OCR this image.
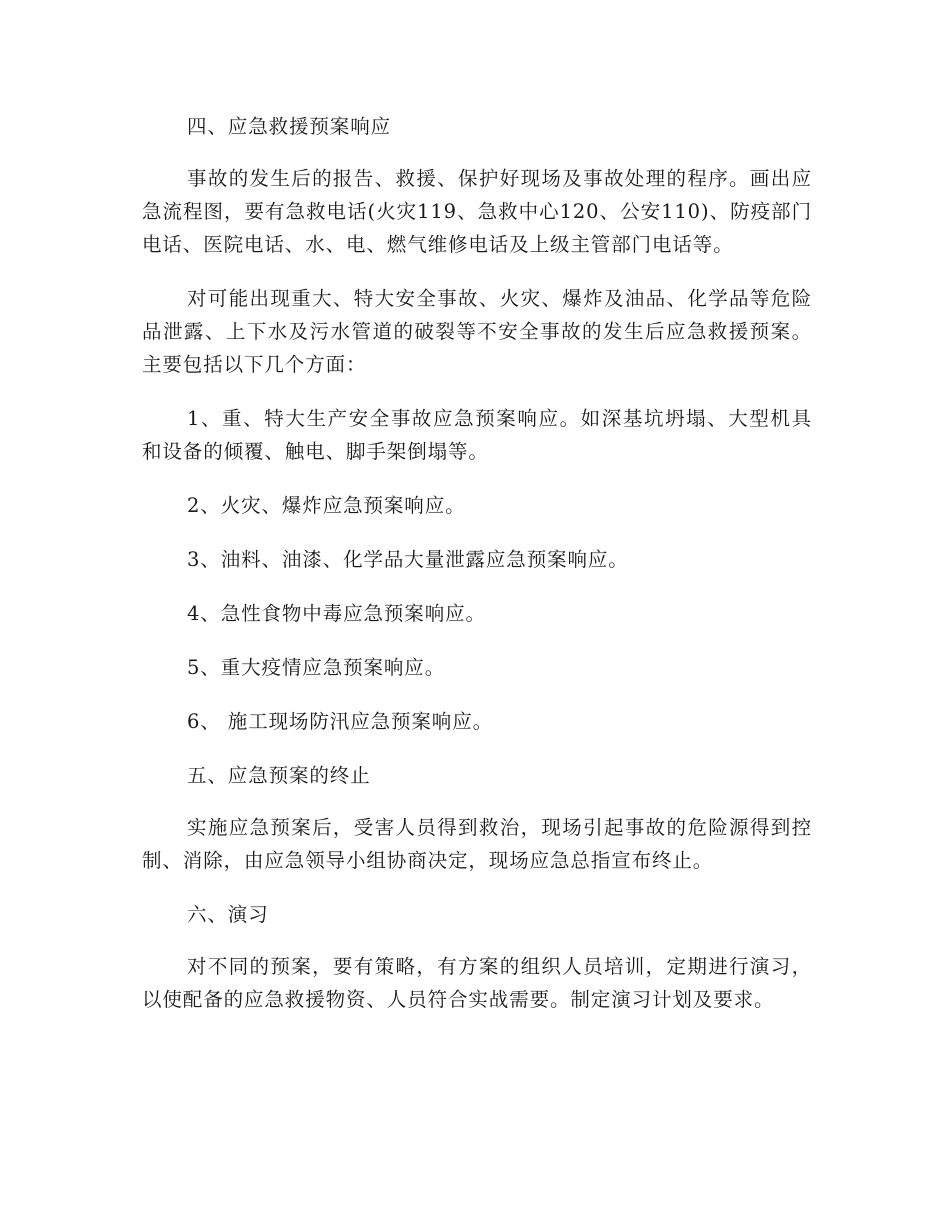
四、应急救援预案响应

事故的发生后的报告、救援、保护好现场及事故处理的程序。画出应急流程图，要有急救电话(火灾119、急救中心120、公安110)、防疫部门电话、医院电话、水、电、燃气维修电话及上级主管部门电话等。

对可能出现重大、特大安全事故、火灾、爆炸及油品、化学品等危险品泄露、上下水及污水管道的破裂等不安全事故的发生后应急救援预案。主要包括以下几个方面：

1、重、特大生产安全事故应急预案响应。如深基坑坍塌、大型机具和设备的倾覆、触电、脚手架倒塌等。

2、火灾、爆炸应急预案响应。

3、油料、油漆、化学品大量泄露应急预案响应。

4、急性食物中毒应急预案响应。

5、重大疫情应急预案响应。

6、 施工现场防汛应急预案响应。

五、应急预案的终止

实施应急预案后，受害人员得到救治，现场引起事故的危险源得到控制、消除，由应急领导小组协商决定，现场应急总指宣布终止。

六、演习

对不同的预案，要有策略，有方案的组织人员培训，定期进行演习，以使配备的应急救援物资、人员符合实战需要。制定演习计划及要求。
